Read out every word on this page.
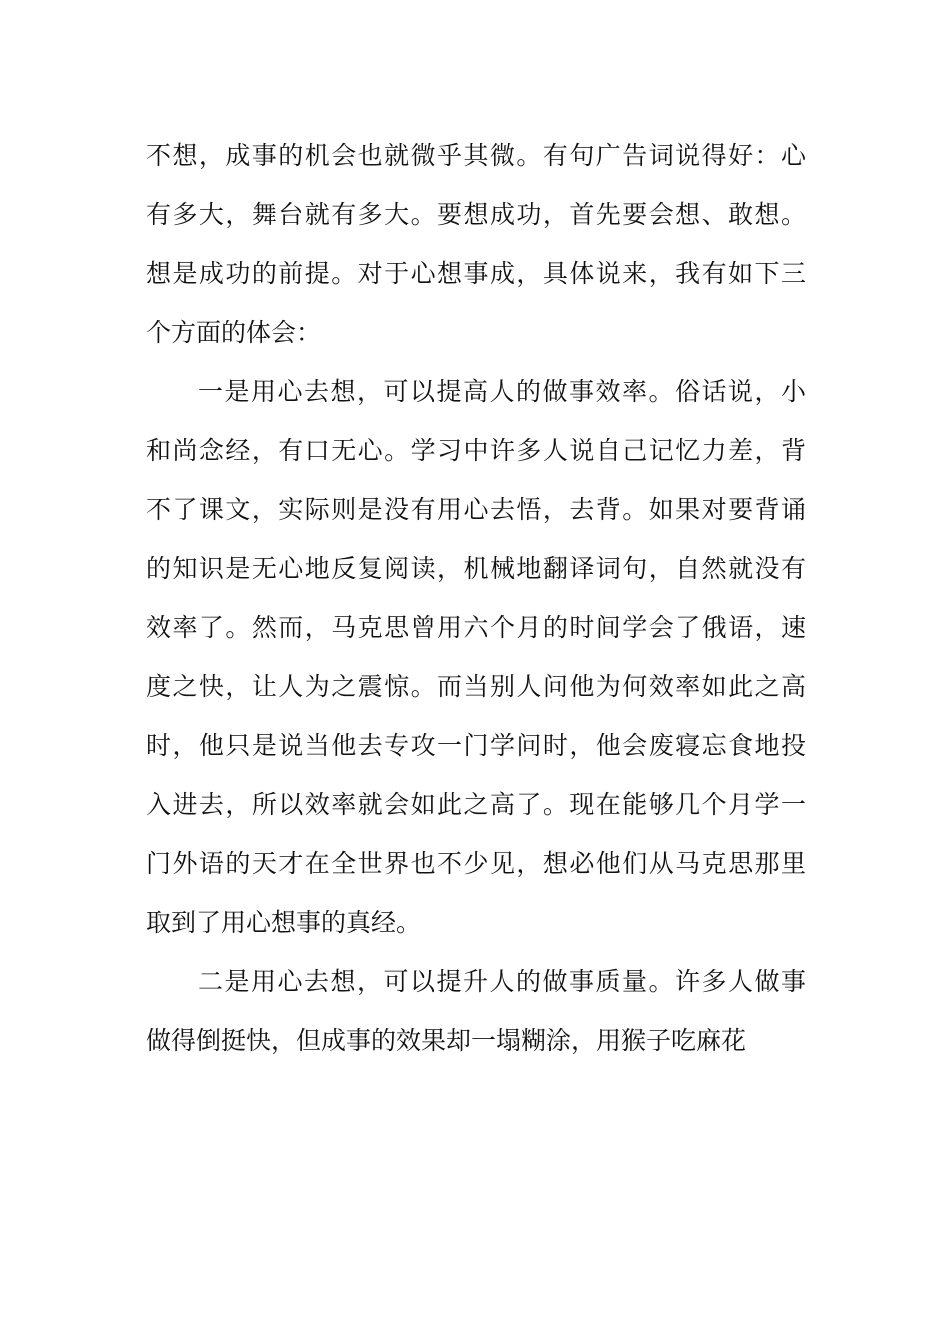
不想，成事的机会也就微乎其微。有句广告词说得好：心
有多大，舞台就有多大。要想成功，首先要会想、敢想。
想是成功的前提。对于心想事成，具体说来，我有如下三
个方面的体会：
一是用心去想，可以提高人的做事效率。俗话说，小
和尚念经，有口无心。学习中许多人说自己记忆力差，背
不了课文，实际则是没有用心去悟，去背。如果对要背诵
的知识是无心地反复阅读，机械地翻译词句，自然就没有
效率了。然而，马克思曾用六个月的时间学会了俄语，速
度之快，让人为之震惊。而当别人问他为何效率如此之高
时，他只是说当他去专攻一门学问时，他会废寝忘食地投
入进去，所以效率就会如此之高了。现在能够几个月学一
门外语的天才在全世界也不少见，想必他们从马克思那里
取到了用心想事的真经。
二是用心去想，可以提升人的做事质量。许多人做事
做得倒挺快，但成事的效果却一塌糊涂，用猴子吃麻花
